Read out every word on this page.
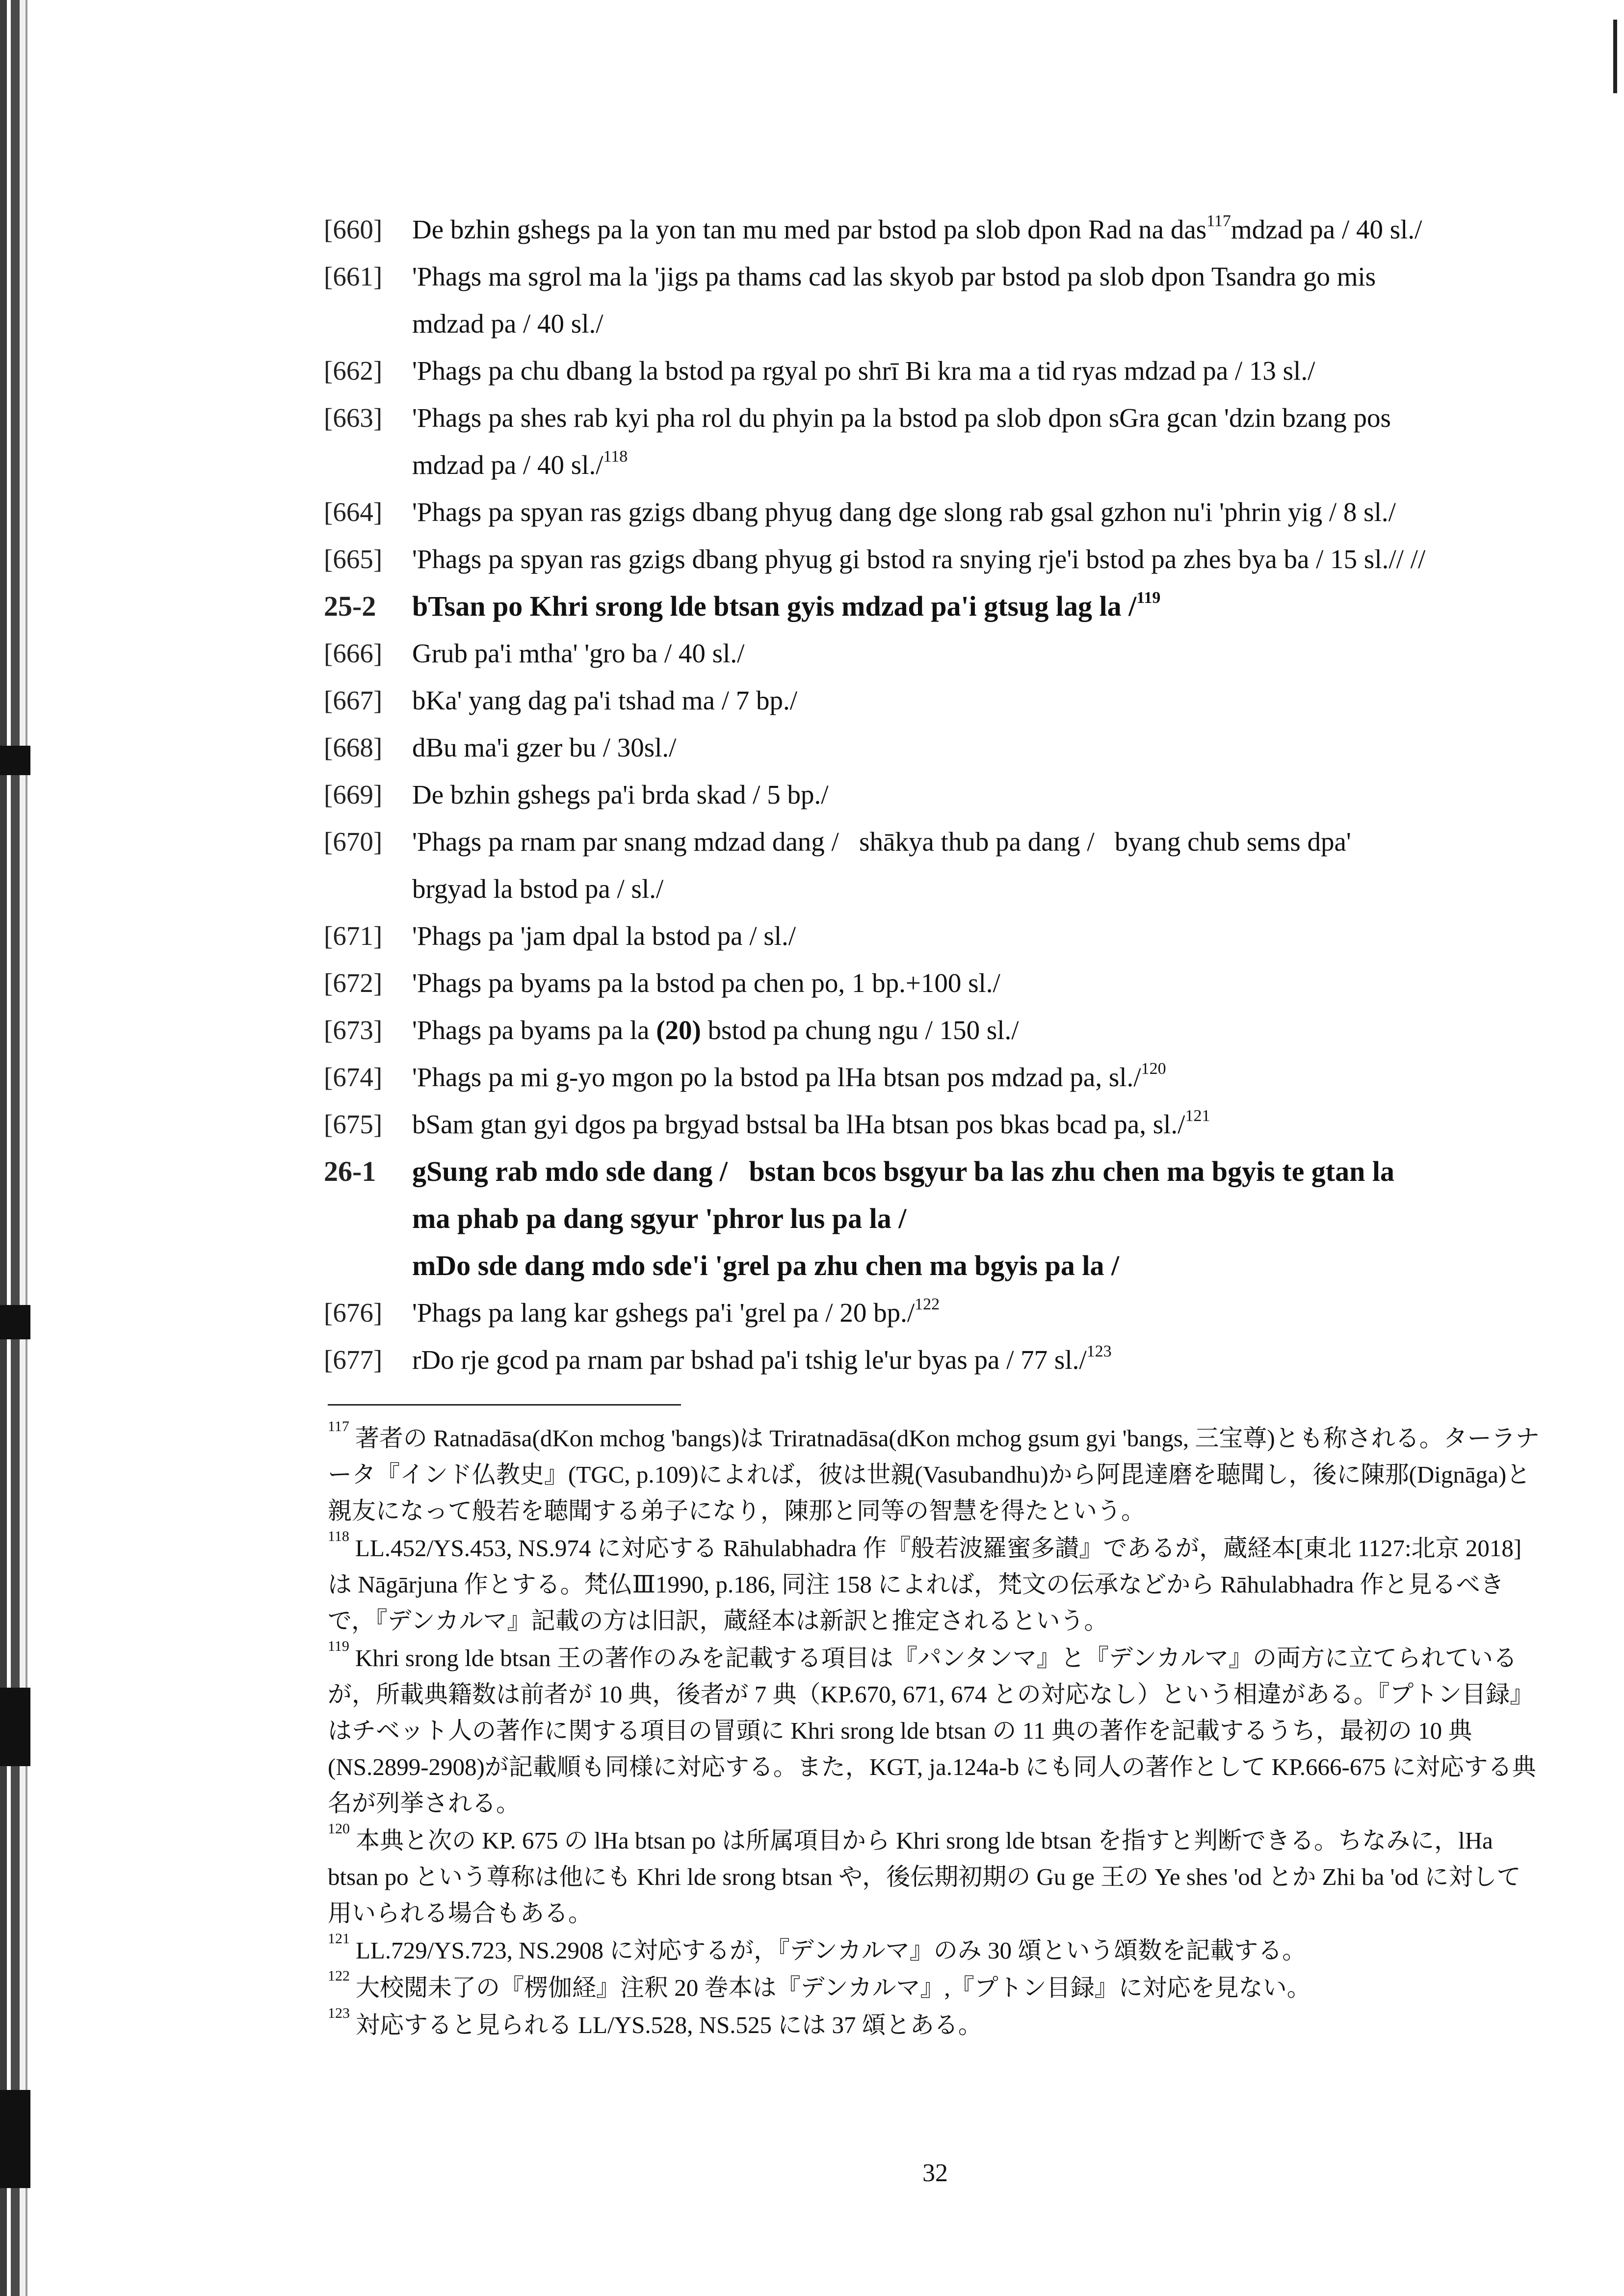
[660]	De bzhin gshegs pa la yon tan mu med par bstod pa slob dpon Rad na das$^{117}$mdzad pa / 40 sl./
[661]	'Phags ma sgrol ma la 'jigs pa thams cad las skyob par bstod pa slob dpon Tsandra go mis
mdzad pa / 40 sl./
[662]	'Phags pa chu dbang la bstod pa rgyal po shrī Bi kra ma a tid ryas mdzad pa / 13 sl./
[663]	'Phags pa shes rab kyi pha rol du phyin pa la bstod pa slob dpon sGra gcan 'dzin bzang pos
mdzad pa / 40 sl./$^{118}$
[664]	'Phags pa spyan ras gzigs dbang phyug dang dge slong rab gsal gzhon nu'i 'phrin yig / 8 sl./
[665]	'Phags pa spyan ras gzigs dbang phyug gi bstod ra snying rje'i bstod pa zhes bya ba / 15 sl.// //
25-2	bTsan po Khri srong lde btsan gyis mdzad pa'i gtsug lag la /$^{119}$
[666]	Grub pa'i mtha' 'gro ba / 40 sl./
[667]	bKa' yang dag pa'i tshad ma / 7 bp./
[668]	dBu ma'i gzer bu / 30sl./
[669]	De bzhin gshegs pa'i brda skad / 5 bp./
[670]	'Phags pa rnam par snang mdzad dang /   shākya thub pa dang /   byang chub sems dpa'
brgyad la bstod pa / sl./
[671]	'Phags pa 'jam dpal la bstod pa / sl./
[672]	'Phags pa byams pa la bstod pa chen po, 1 bp.+100 sl./
[673]	'Phags pa byams pa la (20) bstod pa chung ngu / 150 sl./
[674]	'Phags pa mi g-yo mgon po la bstod pa lHa btsan pos mdzad pa, sl./$^{120}$
[675]	bSam gtan gyi dgos pa brgyad bstsal ba lHa btsan pos bkas bcad pa, sl./$^{121}$
26-1	gSung rab mdo sde dang /   bstan bcos bsgyur ba las zhu chen ma bgyis te gtan la
ma phab pa dang sgyur 'phror lus pa la /
mDo sde dang mdo sde'i 'grel pa zhu chen ma bgyis pa la /
[676]	'Phags pa lang kar gshegs pa'i 'grel pa / 20 bp./$^{122}$
[677]	rDo rje gcod pa rnam par bshad pa'i tshig le'ur byas pa / 77 sl./$^{123}$
$^{117}$ 著者の Ratnadāsa(dKon mchog 'bangs)は Triratnadāsa(dKon mchog gsum gyi 'bangs, 三宝尊)とも称される。ターラナータ『インド仏教史』(TGC, p.109)によれば，彼は世親(Vasubandhu)から阿毘達磨を聴聞し，後に陳那(Dignāga)と親友になって般若を聴聞する弟子になり，陳那と同等の智慧を得たという。
$^{118}$ LL.452/YS.453, NS.974 に対応する Rāhulabhadra 作『般若波羅蜜多讃』であるが，蔵経本[東北 1127:北京 2018]は Nāgārjuna 作とする。梵仏Ⅲ1990, p.186, 同注 158 によれば，梵文の伝承などから Rāhulabhadra 作と見るべきで，『デンカルマ』記載の方は旧訳，蔵経本は新訳と推定されるという。
$^{119}$ Khri srong lde btsan 王の著作のみを記載する項目は『パンタンマ』と『デンカルマ』の両方に立てられているが，所載典籍数は前者が 10 典，後者が 7 典（KP.670, 671, 674 との対応なし）という相違がある。『プトン目録』はチベット人の著作に関する項目の冒頭に Khri srong lde btsan の 11 典の著作を記載するうち，最初の 10 典(NS.2899-2908)が記載順も同様に対応する。また，KGT, ja.124a-b にも同人の著作として KP.666-675 に対応する典名が列挙される。
$^{120}$ 本典と次の KP. 675 の lHa btsan po は所属項目から Khri srong lde btsan を指すと判断できる。ちなみに，lHa btsan po という尊称は他にも Khri lde srong btsan や，後伝期初期の Gu ge 王の Ye shes 'od とか Zhi ba 'od に対して用いられる場合もある。
$^{121}$ LL.729/YS.723, NS.2908 に対応するが，『デンカルマ』のみ 30 頌という頌数を記載する。
$^{122}$ 大校閲未了の『楞伽経』注釈 20 巻本は『デンカルマ』,『プトン目録』に対応を見ない。
$^{123}$ 対応すると見られる LL/YS.528, NS.525 には 37 頌とある。
32
